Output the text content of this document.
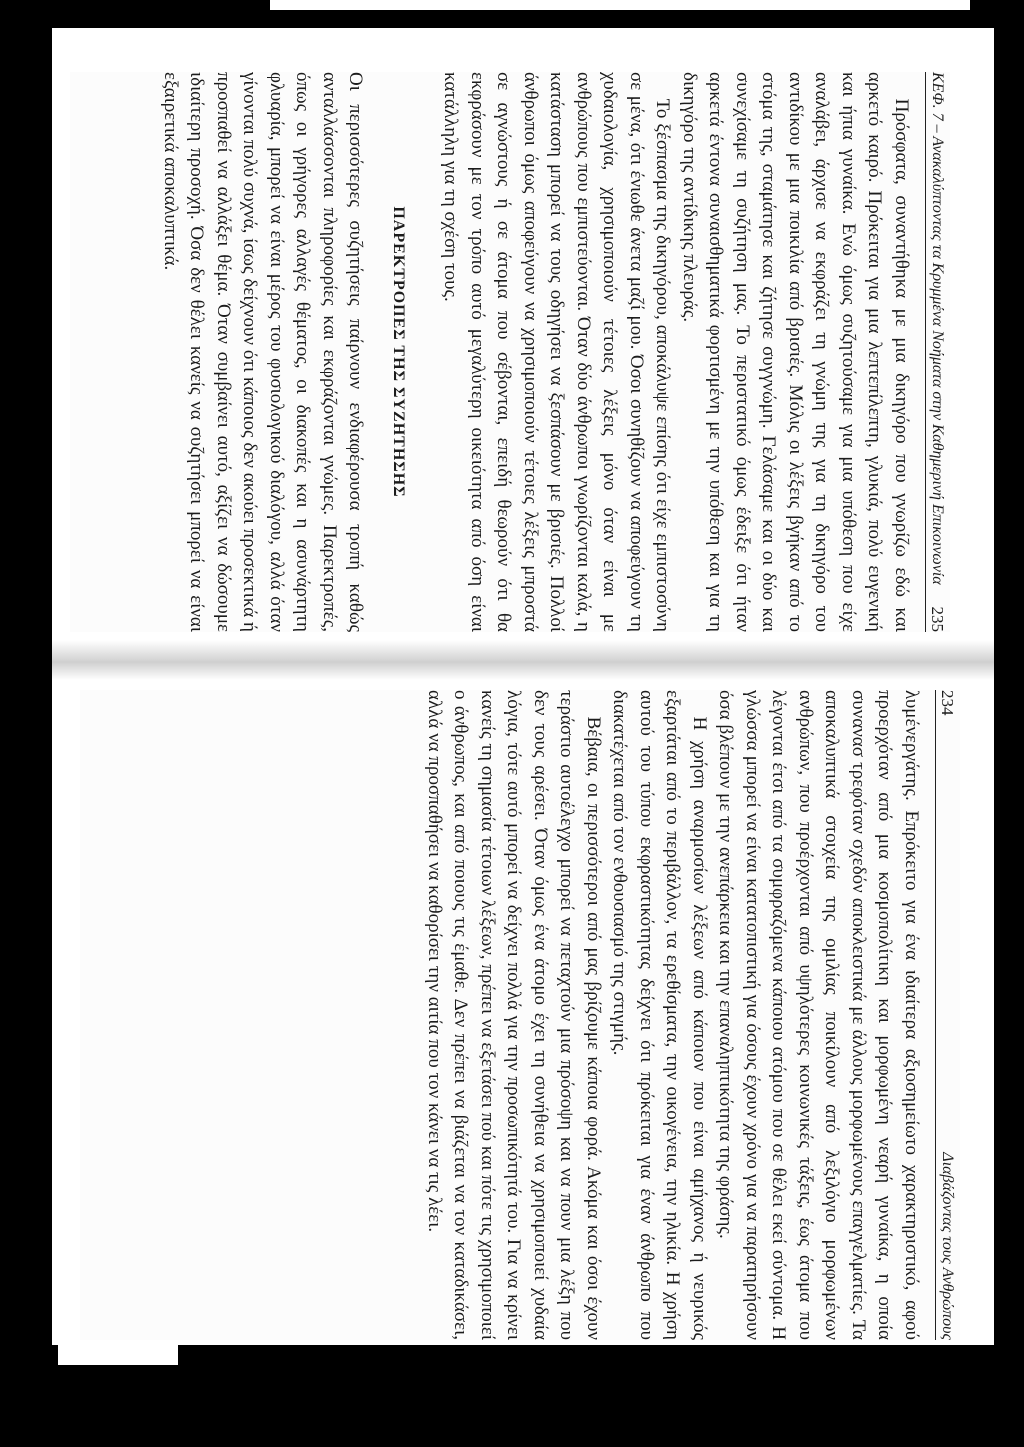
ΚΕΦ. 7 – Ανακαλύπτοντας τα Κρυμμένα Νοήματα στην Καθημερινή Επικοινωνία
235

Πρόσφατα, συναντήθηκα με μια δικηγόρο που γνωρίζω εδώ και αρκετό καιρό. Πρόκειται για μια λεπτεπίλεπτη, γλυκιά, πολύ ευγενική και ήπια γυναίκα. Ενώ όμως συζητούσαμε για μια υπόθεση που είχε αναλάβει, άρχισε να εκφράζει τη γνώμη της για τη δικηγόρο του αντιδίκου με μια ποικιλία από βρισιές. Μόλις οι λέξεις βγήκαν από το στόμα της, σταμάτησε και ζήτησε συγγνώμη. Γελάσαμε και οι δύο και συνεχίσαμε τη συζήτηση μας. Το περιστατικό όμως έδειξε ότι ήταν αρκετά έντονα συναισθηματικά φορτισμένη με την υπόθεση και για τη δικηγόρο της αντίδικης πλευράς.

Το ξέσπασμα της δικηγόρου, αποκάλυψε επίσης ότι είχε εμπιστοσύνη σε μένα, ότι ένιωθε άνετα μαζί μου. Όσοι συνηθίζουν να αποφεύγουν τη χυδαιολογία, χρησιμοποιούν τέτοιες λέξεις μόνο όταν είναι με ανθρώπους που εμπιστεύονται. Όταν δύο άνθρωποι γνωρίζονται καλά, η κατάσταση μπορεί να τους οδηγήσει να ξεσπάσουν με βρισιές. Πολλοί άνθρωποι όμως αποφεύγουν να χρησιμοποιούν τέτοιες λέξεις μπροστά σε αγνώστους ή σε άτομα που σέβονται, επειδή θεωρούν ότι θα εκφράσουν με τον τρόπο αυτό μεγαλύτερη οικειότητα από όση είναι κατάλληλη για τη σχέση τους.

ΠΑΡΕΚΤΡΟΠΕΣ ΤΗΣ ΣΥΖΗΤΗΣΗΣ

Οι περισσότερες συζητήσεις παίρνουν ενδιαφέρουσα τροπή καθώς ανταλλάσσονται πληροφορίες και εκφράζονται γνώμες. Παρεκτροπές, όπως οι γρήγορες αλλαγές θέματος, οι διακοπές και η ασυνάρτητη φλυαρία, μπορεί να είναι μέρος του φυσιολογικού διαλόγου, αλλά όταν γίνονται πολύ συχνά, ίσως δείχνουν ότι κάποιος δεν ακούει προσεκτικά ή προσπαθεί να αλλάξει θέμα. Όταν συμβαίνει αυτό, αξίζει να δώσουμε ιδιαίτερη προσοχή. Όσα δεν θέλει κανείς να συζητήσει μπορεί να είναι εξαιρετικά αποκαλυπτικά.

234
Διαβάζοντας τους Ανθρώπους

λυμένεργάτης. Επρόκειτο για ένα ιδιαίτερα αξιοσημείωτο χαρακτηριστικό, αφού προερχόταν από μια κοσμοπολίτικη και μορφωμένη νεαρή γυναίκα, η οποία συνανασ τρεφόταν σχεδόν αποκλειστικά με άλλους μορφωμένους επαγγελματίες. Τα αποκαλυπτικά στοιχεία της ομιλίας ποικίλουν από λεξιλόγιο μορφωμένων ανθρώπων, που προέρχονται από υψηλότερες κοινωνικές τάξεις, έως άτομα που λέγονται έτσι από τα συμφραζόμενα κάποιου ατόμου που σε θέλει εκεί σύντομα. Η γλώσσα μπορεί να είναι κατατοπιστική για όσους έχουν χρόνο για να παρατηρήσουν όσα βλέπουν με την ανεπάρκεια και την επαναληπτικότητα της φράσης.

Η χρήση αναρμοσίων λέξεων από κάποιον που είναι αμήχανος ή νευρικός εξαρτάται από το περιβάλλον, τα ερεθίσματα, την οικογένεια, την ηλικία. Η χρήση αυτού του τύπου εκφραστικότητας δείχνει ότι πρόκειται για έναν άνθρωπο που διακατέχεται από τον ενθουσιασμό της στιγμής.

Βέβαια, οι περισσότεροι από μας βρίζουμε κάποια φορά. Ακόμα και όσοι έχουν τεράστιο αυτοέλεγχο μπορεί να πεταχτούν μια πρόσοψη και να πουν μια λέξη που δεν τους αρέσει. Όταν όμως ένα άτομο έχει τη συνήθεια να χρησιμοποιεί χυδαία λόγια, τότε αυτό μπορεί να δείχνει πολλά για την προσωπικότητά του. Για να κρίνει κανείς τη σημασία τέτοιων λέξεων, πρέπει να εξετάσει πού και πότε τις χρησιμοποιεί ο άνθρωπος, και από ποιους τις έμαθε. Δεν πρέπει να βιάζεται να τον καταδικάσει, αλλά να προσπαθήσει να καθορίσει την αιτία που τον κάνει να τις λέει.
